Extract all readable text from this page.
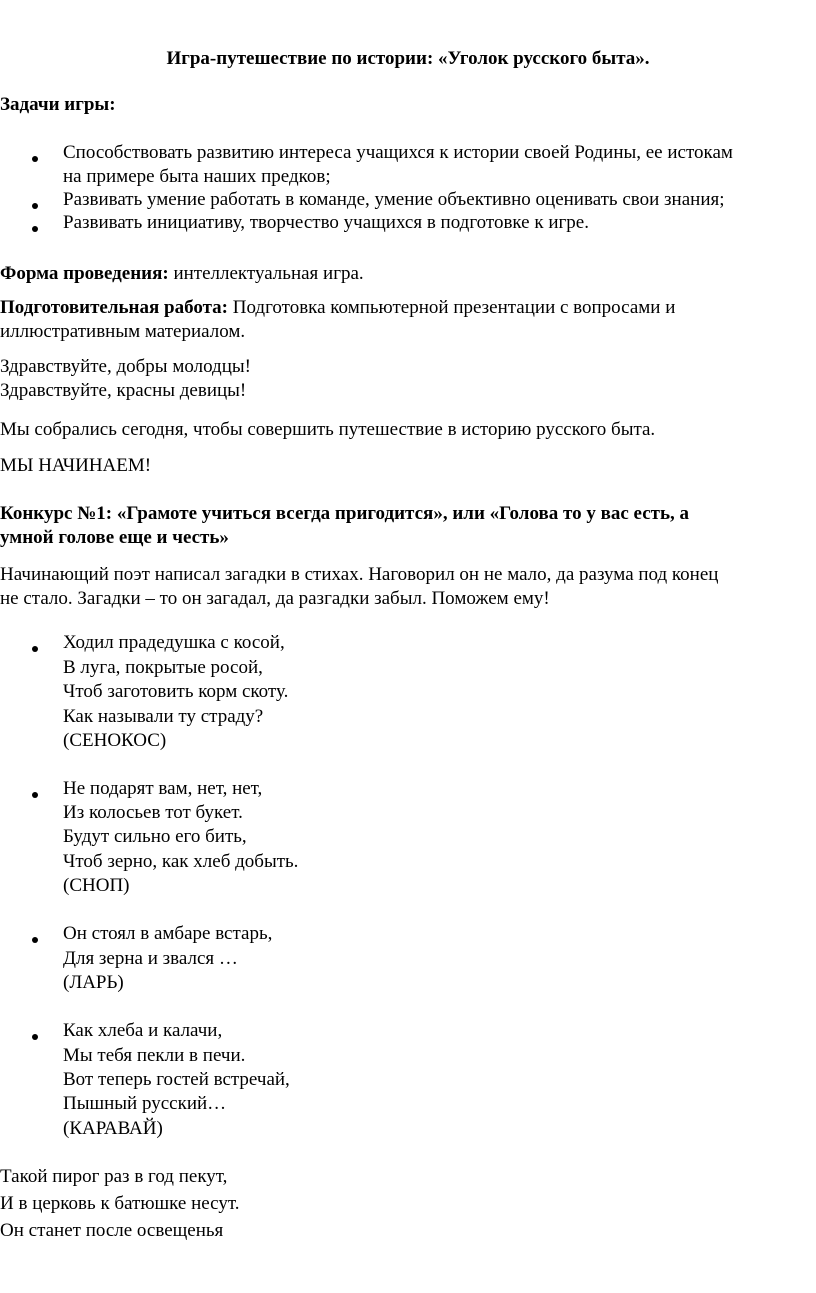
Игра-путешествие по истории: «Уголок русского быта».
Задачи игры:
Способствовать развитию интереса учащихся к истории своей Родины, ее истокам
на примере быта наших предков;
Развивать умение работать в команде, умение объективно оценивать свои знания;
Развивать инициативу, творчество учащихся в подготовке к игре.
Форма проведения: интеллектуальная игра.
Подготовительная работа: Подготовка компьютерной презентации с вопросами и
иллюстративным материалом.
Здравствуйте, добры молодцы!
Здравствуйте, красны девицы!
Мы собрались сегодня, чтобы совершить путешествие в историю русского быта.
МЫ НАЧИНАЕМ!
Конкурс №1: «Грамоте учиться всегда пригодится», или «Голова то у вас есть, а
умной голове еще и честь»
Начинающий поэт написал загадки в стихах. Наговорил он не мало, да разума под конец
не стало. Загадки – то он загадал, да разгадки забыл. Поможем ему!
Ходил прадедушка с косой,
В луга, покрытые росой,
Чтоб заготовить корм скоту.
Как называли ту страду?
(СЕНОКОС)
Не подарят вам, нет, нет,
Из колосьев тот букет.
Будут сильно его бить,
Чтоб зерно, как хлеб добыть.
(СНОП)
Он стоял в амбаре встарь,
Для зерна и звался …
(ЛАРЬ)
Как хлеба и калачи,
Мы тебя пекли в печи.
Вот теперь гостей встречай,
Пышный русский…
(КАРАВАЙ)
Такой пирог раз в год пекут,
И в церковь к батюшке несут.
Он станет после освещенья
